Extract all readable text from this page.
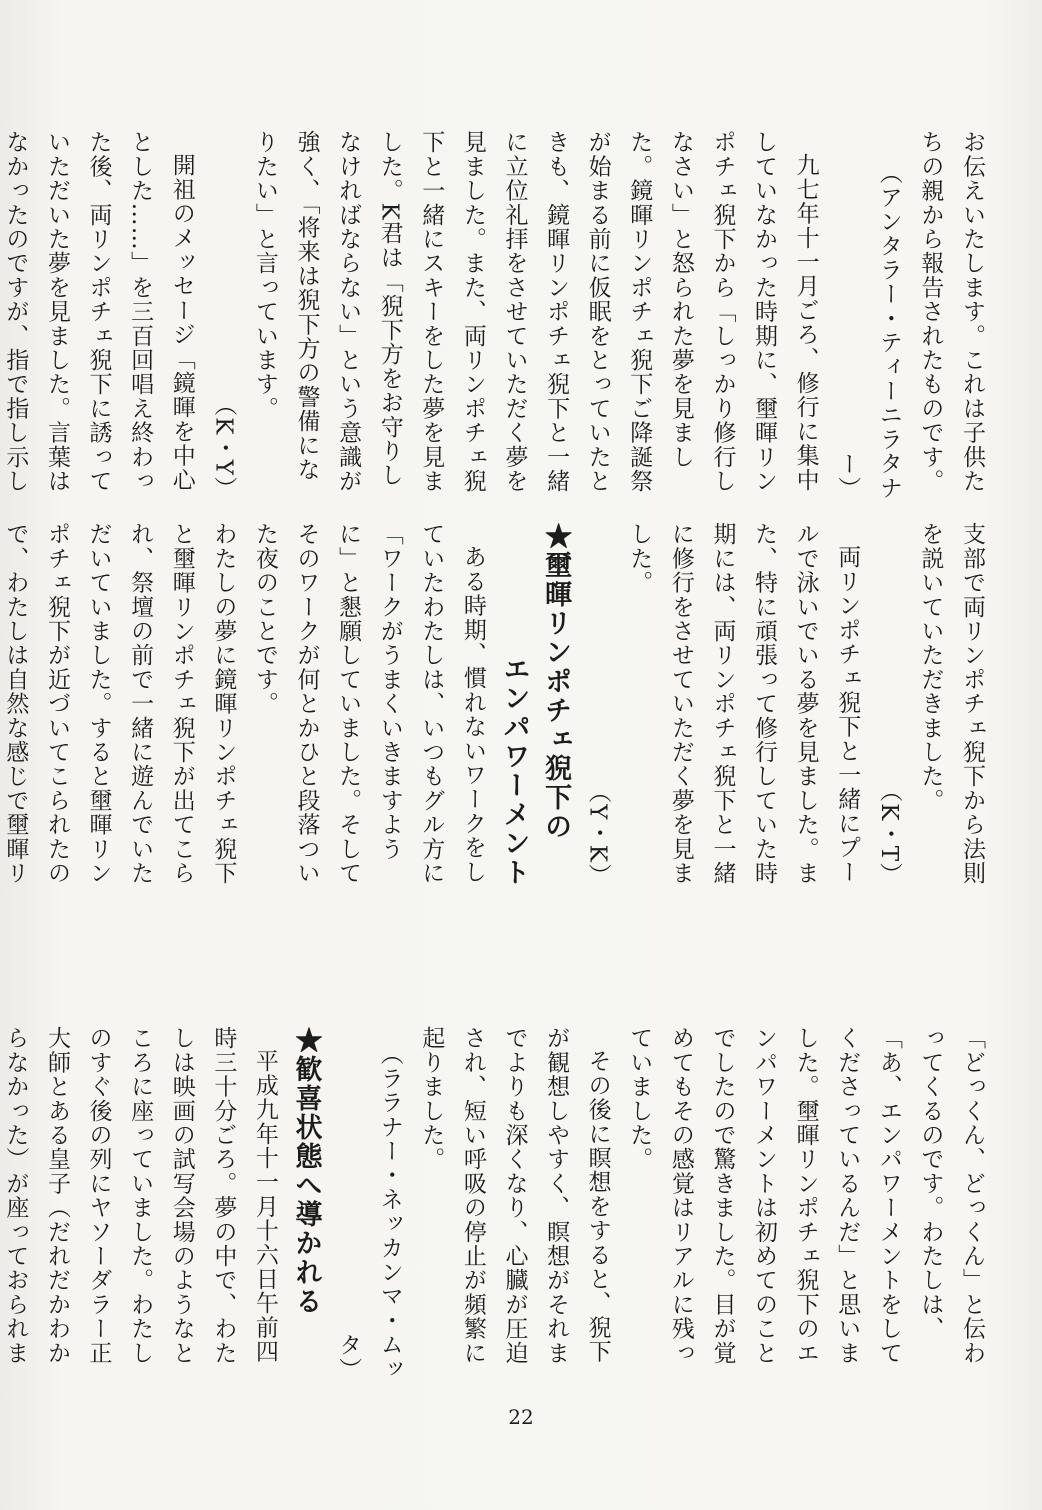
お伝えいたします。これは子供たちの親から報告されたものです。

（アンタラー・ティーニラタナー）

九七年十一月ごろ、修行に集中していなかった時期に、壐暉リンポチェ猊下から「しっかり修行しなさい」と怒られた夢を見ました。鏡暉リンポチェ猊下ご降誕祭が始まる前に仮眠をとっていたときも、鏡暉リンポチェ猊下と一緒に立位礼拝をさせていただく夢を見ました。また、両リンポチェ猊下と一緒にスキーをした夢を見ました。K君は「猊下方をお守りしなければならない」という意識が強く、「将来は猊下方の警備になりたい」と言っています。

（K・Y）

開祖のメッセージ「鏡暉を中心とした……」を三百回唱え終わった後、両リンポチェ猊下に誘っていただいた夢を見ました。言葉はなかったのですが、指で指し示し

支部で両リンポチェ猊下から法則を説いていただきました。

（K・T）

両リンポチェ猊下と一緒にプールで泳いでいる夢を見ました。また、特に頑張って修行していた時期には、両リンポチェ猊下と一緒に修行をさせていただく夢を見ました。

（Y・K）

★壐暉リンポチェ猊下の

エンパワーメント

ある時期、慣れないワークをしていたわたしは、いつもグル方に「ワークがうまくいきますように」と懇願していました。そしてそのワークが何とかひと段落ついた夜のことです。

わたしの夢に鏡暉リンポチェ猊下と壐暉リンポチェ猊下が出てこられ、祭壇の前で一緒に遊んでいただいていました。すると壐暉リンポチェ猊下が近づいてこられたので、わたしは自然な感じで壐暉リ

「どっくん、どっくん」と伝わってくるのです。わたしは、「あ、エンパワーメントをしてくださっているんだ」と思いました。壐暉リンポチェ猊下のエンパワーメントは初めてのことでしたので驚きました。目が覚めてもその感覚はリアルに残っていました。

その後に瞑想をすると、猊下が観想しやすく、瞑想がそれまでよりも深くなり、心臓が圧迫され、短い呼吸の停止が頻繁に起りました。

（ララナー・ネッカンマ・ムッタ）

★歓喜状態へ導かれる

平成九年十一月十六日午前四時三十分ごろ。夢の中で、わたしは映画の試写会場のようなところに座っていました。わたしのすぐ後の列にヤソーダラー正大師とある皇子（だれだかわからなかった）が座っておられま

22
